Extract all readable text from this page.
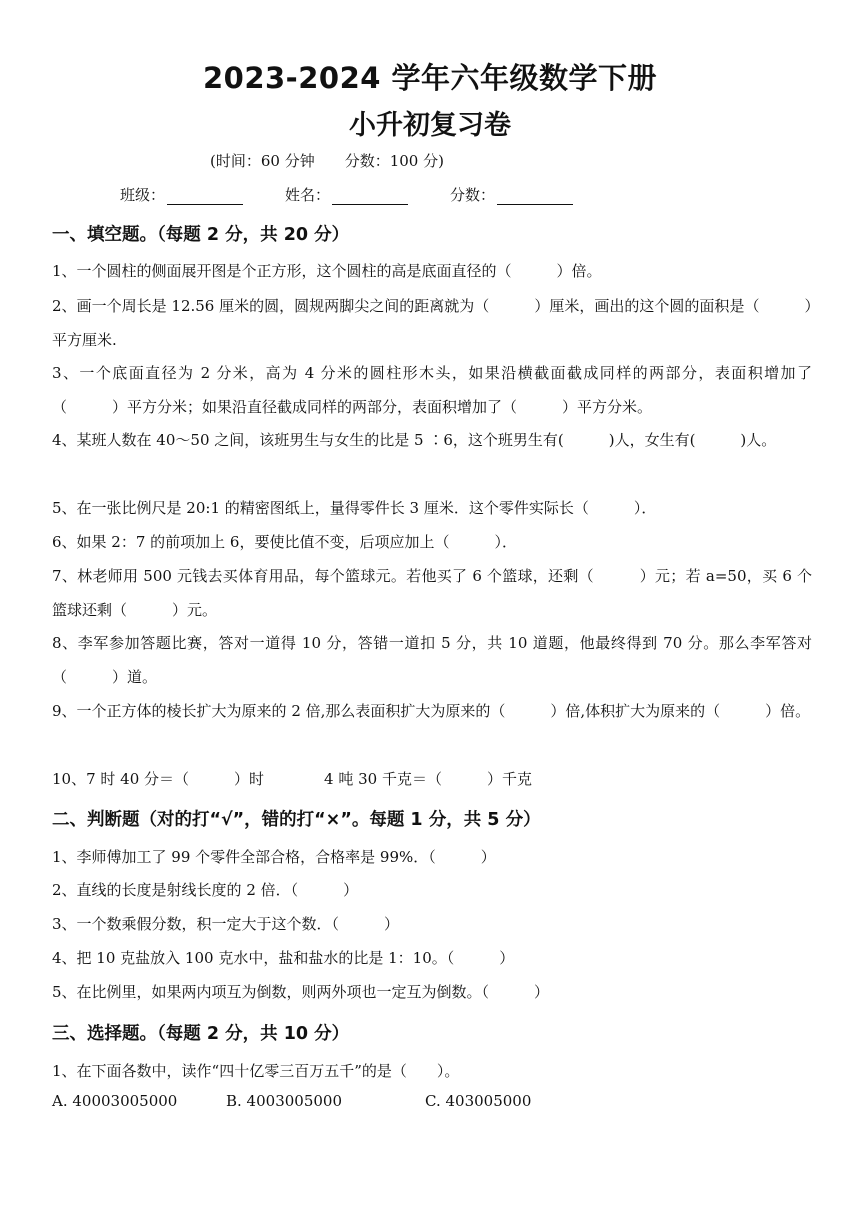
2023-2024 学年六年级数学下册
小升初复习卷
(时间：60 分钟　　分数：100 分)
班级：	姓名：	分数：
一、填空题。（每题 2 分，共 20 分）
1、一个圆柱的侧面展开图是个正方形，这个圆柱的高是底面直径的（　　　）倍。
2、画一个周长是 12.56 厘米的圆，圆规两脚尖之间的距离就为（　　　）厘米，画出的这个圆的面积是（　　　）平方厘米.
3、一个底面直径为 2 分米，高为 4 分米的圆柱形木头，如果沿横截面截成同样的两部分，表面积增加了（　　　）平方分米；如果沿直径截成同样的两部分，表面积增加了（　　　）平方分米。
4、某班人数在 40～50 之间，该班男生与女生的比是 5 ∶6，这个班男生有(　　　)人，女生有(　　　)人。
5、在一张比例尺是 20:1 的精密图纸上，量得零件长 3 厘米．这个零件实际长（　　　）．
6、如果 2：7 的前项加上 6，要使比值不变，后项应加上（　　　）．
7、林老师用 500 元钱去买体育用品，每个篮球元。若他买了 6 个篮球，还剩（　　　）元；若 a=50，买 6 个篮球还剩（　　　）元。
8、李军参加答题比赛，答对一道得 10 分，答错一道扣 5 分，共 10 道题，他最终得到 70 分。那么李军答对（　　　）道。
9、一个正方体的棱长扩大为原来的 2 倍,那么表面积扩大为原来的（　　　）倍,体积扩大为原来的（　　　）倍。
10、7 时 40 分＝（　　　）时　　　　4 吨 30 千克＝（　　　）千克
二、判断题（对的打“√”，错的打“×”。每题 1 分，共 5 分）
1、李师傅加工了 99 个零件全部合格，合格率是 99%．（　　　）
2、直线的长度是射线长度的 2 倍．（　　　）
3、一个数乘假分数，积一定大于这个数．（　　　）
4、把 10 克盐放入 100 克水中，盐和盐水的比是 1：10。（　　　）
5、在比例里，如果两内项互为倒数，则两外项也一定互为倒数。（　　　）
三、选择题。（每题 2 分，共 10 分）
1、在下面各数中，读作“四十亿零三百万五千”的是（　　）。
A. 40003005000	B. 4003005000	C. 403005000
